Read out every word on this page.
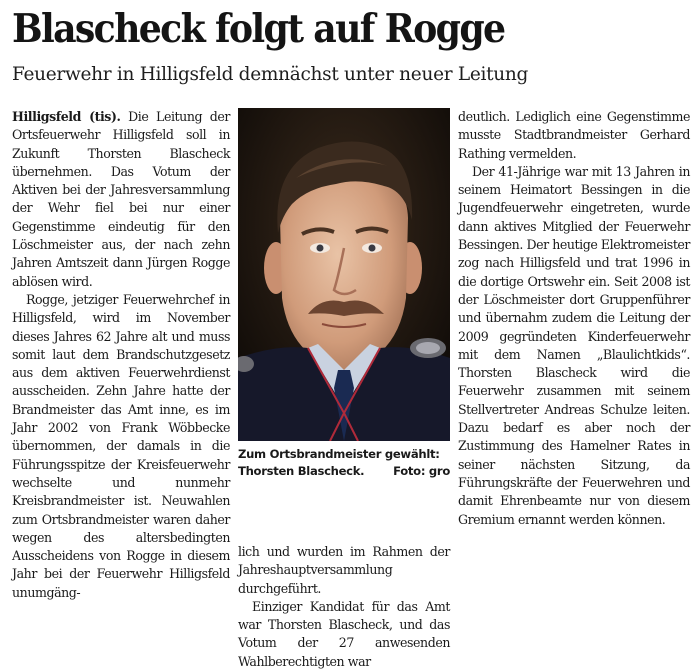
Blascheck folgt auf Rogge
Feuerwehr in Hilligsfeld demnächst unter neuer Leitung

Hilligsfeld (tis). Die Leitung der Ortsfeuerwehr Hilligsfeld soll in Zukunft Thorsten Blascheck übernehmen. Das Votum der Aktiven bei der Jahresversammlung der Wehr fiel bei nur einer Gegenstimme eindeutig für den Löschmeister aus, der nach zehn Jahren Amtszeit dann Jürgen Rogge ablösen wird.

Rogge, jetziger Feuerwehrchef in Hilligsfeld, wird im November dieses Jahres 62 Jahre alt und muss somit laut dem Brandschutzgesetz aus dem aktiven Feuerwehrdienst ausscheiden. Zehn Jahre hatte der Brandmeister das Amt inne, es im Jahr 2002 von Frank Wöbbecke übernommen, der damals in die Führungsspitze der Kreisfeuerwehr wechselte und nunmehr Kreisbrandmeister ist. Neuwahlen zum Ortsbrandmeister waren daher wegen des altersbedingten Ausscheidens von Rogge in diesem Jahr bei der Feuerwehr Hilligsfeld unumgäng-

Zum Ortsbrandmeister gewählt:
Thorsten Blascheck. Foto: gro

lich und wurden im Rahmen der Jahreshauptversammlung durchgeführt.

Einziger Kandidat für das Amt war Thorsten Blascheck, und das Votum der 27 anwesenden Wahlberechtigten war

deutlich. Lediglich eine Gegenstimme musste Stadtbrandmeister Gerhard Rathing vermelden.

Der 41-Jährige war mit 13 Jahren in seinem Heimatort Bessingen in die Jugendfeuerwehr eingetreten, wurde dann aktives Mitglied der Feuerwehr Bessingen. Der heutige Elektromeister zog nach Hilligsfeld und trat 1996 in die dortige Ortswehr ein. Seit 2008 ist der Löschmeister dort Gruppenführer und übernahm zudem die Leitung der 2009 gegründeten Kinderfeuerwehr mit dem Namen „Blaulichtkids“. Thorsten Blascheck wird die Feuerwehr zusammen mit seinem Stellvertreter Andreas Schulze leiten. Dazu bedarf es aber noch der Zustimmung des Hamelner Rates in seiner nächsten Sitzung, da Führungskräfte der Feuerwehren und damit Ehrenbeamte nur von diesem Gremium ernannt werden können.
